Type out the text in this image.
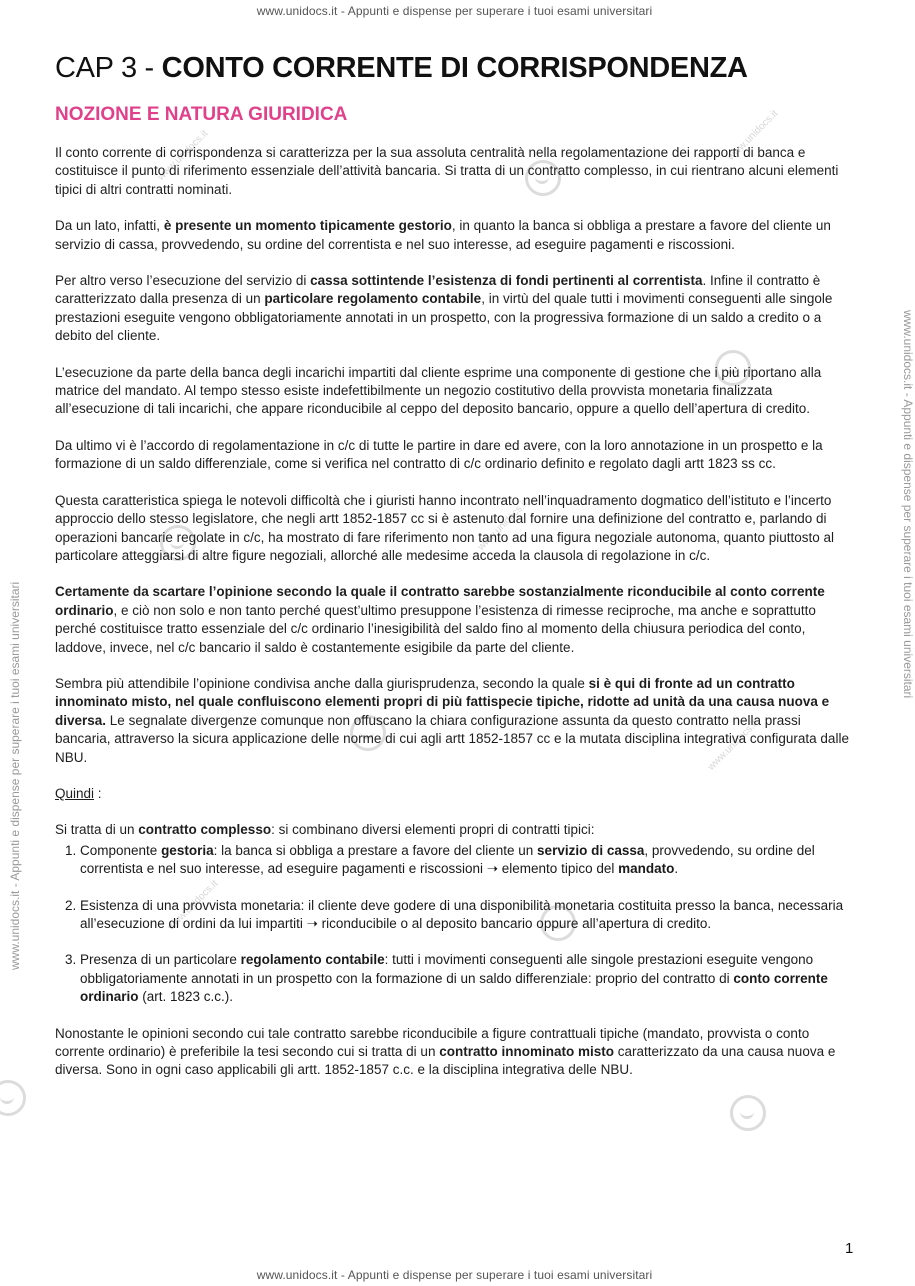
www.unidocs.it - Appunti e dispense per superare i tuoi esami universitari
www.unidocs.it - Appunti e dispense per superare i tuoi esami universitari
www.unidocs.it - Appunti e dispense per superare i tuoi esami universitari
www.unidocs.it - Appunti e dispense per superare i tuoi esami universitari
www.unidocs.it
www.unidocs.it
www.unidocs.it
www.unidocs.it
www.unidocs.it
CAP 3 - CONTO CORRENTE DI CORRISPONDENZA
NOZIONE E NATURA GIURIDICA

Il conto corrente di corrispondenza si caratterizza per la sua assoluta centralità nella regolamentazione dei rapporti di banca e costituisce il punto di riferimento essenziale dell’attività bancaria. Si tratta di un contratto complesso, in cui rientrano alcuni elementi tipici di altri contratti nominati.

Da un lato, infatti, è presente un momento tipicamente gestorio, in quanto la banca si obbliga a prestare a favore del cliente un servizio di cassa, provvedendo, su ordine del correntista e nel suo interesse, ad eseguire pagamenti e riscossioni.

Per altro verso l’esecuzione del servizio di cassa sottintende l’esistenza di fondi pertinenti al correntista. Infine il contratto è caratterizzato dalla presenza di un particolare regolamento contabile, in virtù del quale tutti i movimenti conseguenti alle singole prestazioni eseguite vengono obbligatoriamente annotati in un prospetto, con la progressiva formazione di un saldo a credito o a debito del cliente.

L’esecuzione da parte della banca degli incarichi impartiti dal cliente esprime una componente di gestione che i più riportano alla matrice del mandato. Al tempo stesso esiste indefettibilmente un negozio costitutivo della provvista monetaria finalizzata all’esecuzione di tali incarichi, che appare riconducibile al ceppo del deposito bancario, oppure a quello dell’apertura di credito.

Da ultimo vi è l’accordo di regolamentazione in c/c di tutte le partire in dare ed avere, con la loro annotazione in un prospetto e la formazione di un saldo differenziale, come si verifica nel contratto di c/c ordinario definito e regolato dagli artt 1823 ss cc.

Questa caratteristica spiega le notevoli difficoltà che i giuristi hanno incontrato nell’inquadramento dogmatico dell’istituto e l’incerto approccio dello stesso legislatore, che negli artt 1852-1857 cc si è astenuto dal fornire una definizione del contratto e, parlando di operazioni bancarie regolate in c/c, ha mostrato di fare riferimento non tanto ad una figura negoziale autonoma, quanto piuttosto al particolare atteggiarsi di altre figure negoziali, allorché alle medesime acceda la clausola di regolazione in c/c.

Certamente da scartare l’opinione secondo la quale il contratto sarebbe sostanzialmente riconducibile al conto corrente ordinario, e ciò non solo e non tanto perché quest’ultimo presuppone l’esistenza di rimesse reciproche, ma anche e soprattutto perché costituisce tratto essenziale del c/c ordinario l’inesigibilità del saldo fino al momento della chiusura periodica del conto, laddove, invece, nel c/c bancario il saldo è costantemente esigibile da parte del cliente.

Sembra più attendibile l’opinione condivisa anche dalla giurisprudenza, secondo la quale si è qui di fronte ad un contratto innominato misto, nel quale confluiscono elementi propri di più fattispecie tipiche, ridotte ad unità da una causa nuova e diversa. Le segnalate divergenze comunque non offuscano la chiara configurazione assunta da questo contratto nella prassi bancaria, attraverso la sicura applicazione delle norme di cui agli artt 1852-1857 cc e la mutata disciplina integrativa configurata dalle NBU.

Quindi :

Si tratta di un contratto complesso: si combinano diversi elementi propri di contratti tipici:

1. Componente gestoria: la banca si obbliga a prestare a favore del cliente un servizio di cassa, provvedendo, su ordine del correntista e nel suo interesse, ad eseguire pagamenti e riscossioni ➝ elemento tipico del mandato.
2. Esistenza di una provvista monetaria: il cliente deve godere di una disponibilità monetaria costituita presso la banca, necessaria all’esecuzione di ordini da lui impartiti ➝ riconducibile o al deposito bancario oppure all’apertura di credito.
3. Presenza di un particolare regolamento contabile: tutti i movimenti conseguenti alle singole prestazioni eseguite vengono obbligatoriamente annotati in un prospetto con la formazione di un saldo differenziale: proprio del contratto di conto corrente ordinario (art. 1823 c.c.).

Nonostante le opinioni secondo cui tale contratto sarebbe riconducibile a figure contrattuali tipiche (mandato, provvista o conto corrente ordinario) è preferibile la tesi secondo cui si tratta di un contratto innominato misto caratterizzato da una causa nuova e diversa. Sono in ogni caso applicabili gli artt. 1852-1857 c.c. e la disciplina integrativa delle NBU.

1
